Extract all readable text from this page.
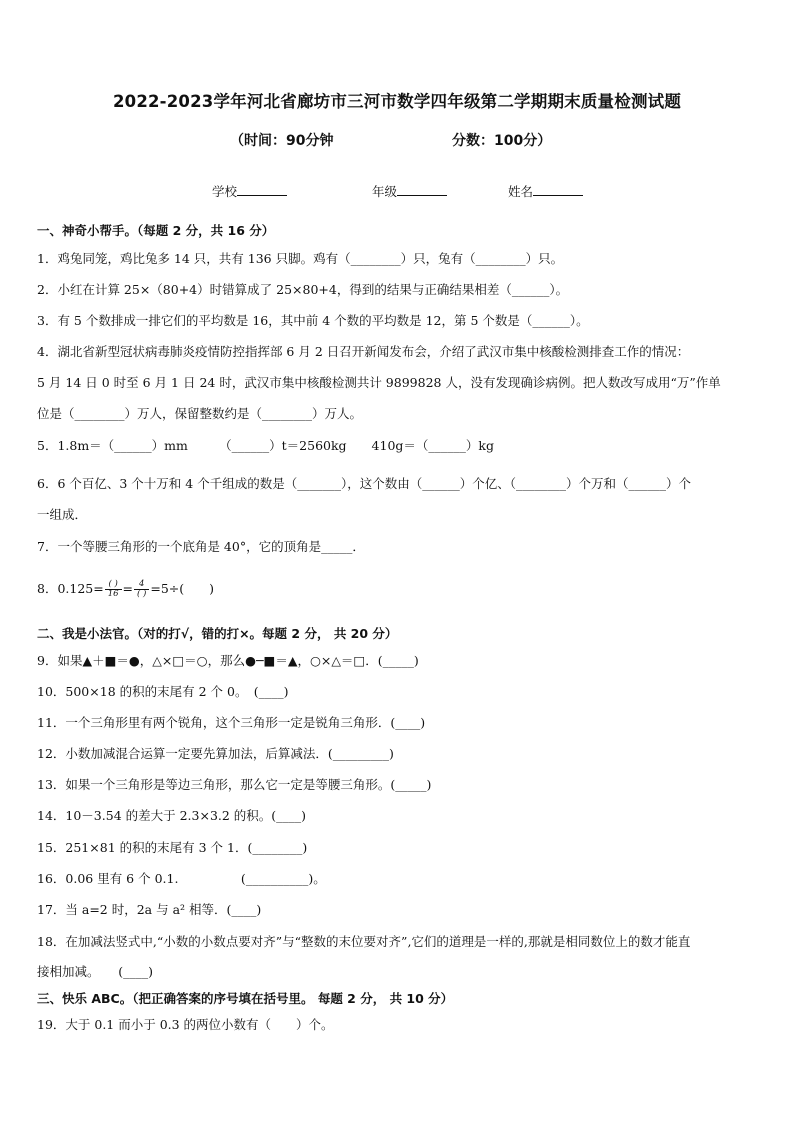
2022-2023学年河北省廊坊市三河市数学四年级第二学期期末质量检测试题
（时间：90分钟	分数：100分）
学校	年级	姓名
一、神奇小帮手。（每题 2 分，共 16 分）
1．鸡兔同笼，鸡比兔多 14 只，共有 136 只脚。鸡有（________）只，兔有（________）只。
2．小红在计算 25×（80+4）时错算成了 25×80+4，得到的结果与正确结果相差（______）。
3．有 5 个数排成一排它们的平均数是 16，其中前 4 个数的平均数是 12，第 5 个数是（______）。
4．湖北省新型冠状病毒肺炎疫情防控指挥部 6 月 2 日召开新闻发布会，介绍了武汉市集中核酸检测排查工作的情况：
5 月 14 日 0 时至 6 月 1 日 24 时，武汉市集中核酸检测共计 9899828 人，没有发现确诊病例。把人数改写成用“万”作单
位是（________）万人，保留整数约是（________）万人。
5．1.8m＝（______）mm　　　（______）t＝2560kg　　410g＝（______）kg
6．6 个百亿、3 个十万和 4 个千组成的数是（_______），这个数由（______）个亿、（________）个万和（______）个
一组成．
7．一个等腰三角形的一个底角是 40°，它的顶角是_____．
8．$0.125= \frac{( )}{16} = \frac{4}{( )} =5\div$(　　)
二、我是小法官。（对的打√，错的打×。每题 2 分， 共 20 分）
9．如果▲＋■＝●，△×□＝○，那么●─■＝▲，○×△＝□．(_____)
10．500×18 的积的末尾有 2 个 0。　(____)
11．一个三角形里有两个锐角，这个三角形一定是锐角三角形．(____)
12．小数加减混合运算一定要先算加法，后算减法．(_________)
13．如果一个三角形是等边三角形，那么它一定是等腰三角形。(_____)
14．10－3.54 的差大于 2.3×3.2 的积。(____)
15．251×81 的积的末尾有 3 个 1．(________)
16．0.06 里有 6 个 0.1.　　　　　(__________)。
17．当 a=2 时，2a 与 a² 相等．(____)
18．在加减法竖式中,“小数的小数点要对齐”与“整数的末位要对齐”,它们的道理是一样的,那就是相同数位上的数才能直
接相加减。　　(____)
三、快乐 ABC。（把正确答案的序号填在括号里。 每题 2 分， 共 10 分）
19．大于 0.1 而小于 0.3 的两位小数有（　　）个。
